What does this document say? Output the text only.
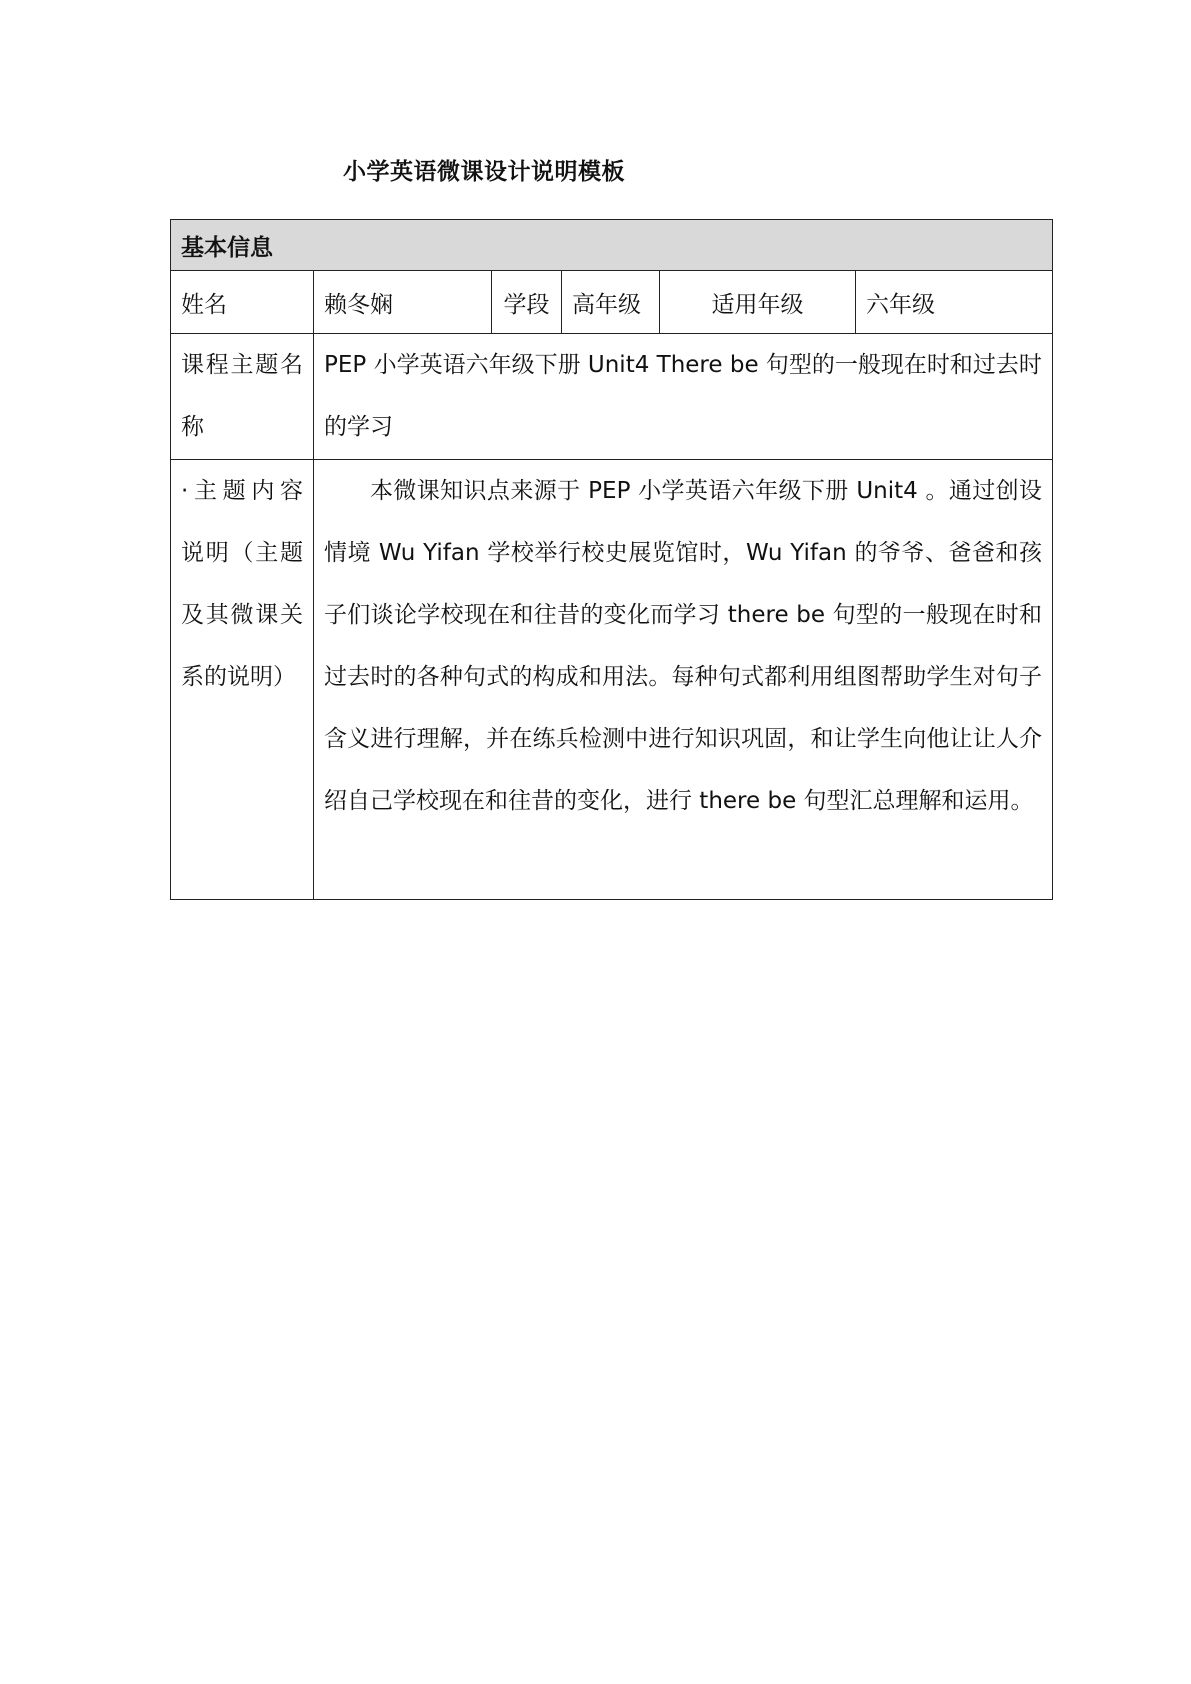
小学英语微课设计说明模板
基本信息					
姓名	赖冬娴	学段	高年级	适用年级	六年级
课程主题名称	PEP 小学英语六年级下册 Unit4 There be 句型的一般现在时和过去时的学习				
·主题内容说明（主题及其微课关系的说明）	本微课知识点来源于 PEP 小学英语六年级下册 Unit4 。通过创设情境 Wu Yifan 学校举行校史展览馆时，Wu Yifan 的爷爷、爸爸和孩子们谈论学校现在和往昔的变化而学习 there be 句型的一般现在时和过去时的各种句式的构成和用法。每种句式都利用组图帮助学生对句子含义进行理解，并在练兵检测中进行知识巩固，和让学生向他让让人介绍自己学校现在和往昔的变化，进行 there be 句型汇总理解和运用。				
